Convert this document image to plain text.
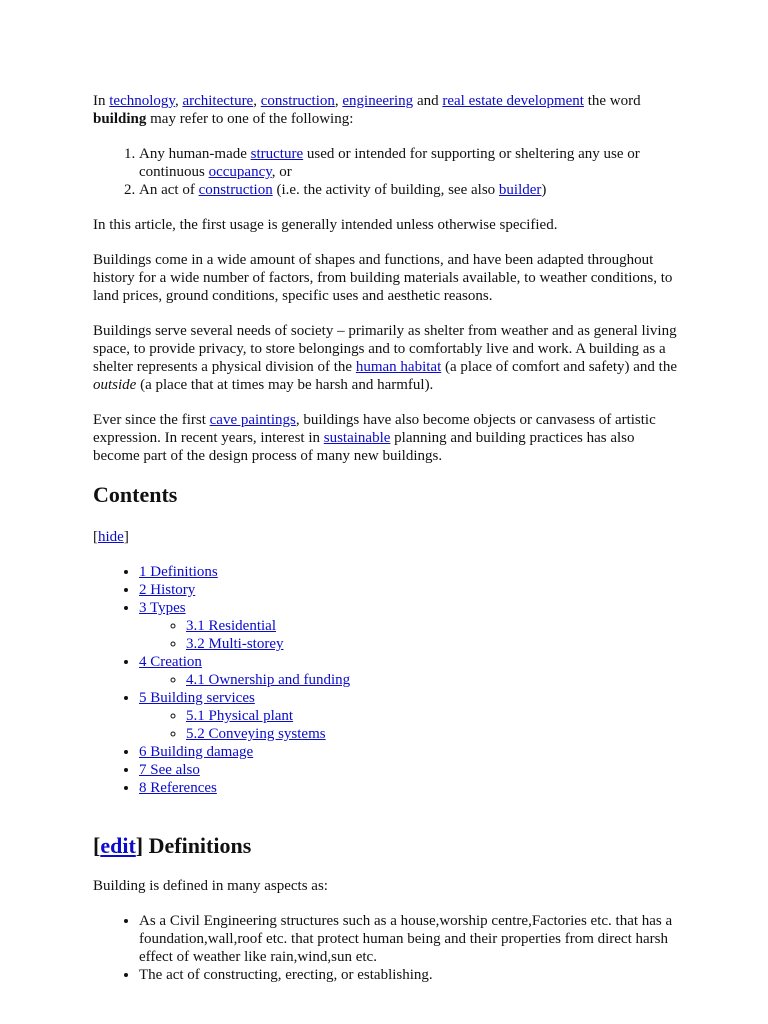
In technology, architecture, construction, engineering and real estate development the word building may refer to one of the following:

1. Any human-made structure used or intended for supporting or sheltering any use or continuous occupancy, or
2. An act of construction (i.e. the activity of building, see also builder)

In this article, the first usage is generally intended unless otherwise specified.

Buildings come in a wide amount of shapes and functions, and have been adapted throughout history for a wide number of factors, from building materials available, to weather conditions, to land prices, ground conditions, specific uses and aesthetic reasons.

Buildings serve several needs of society – primarily as shelter from weather and as general living space, to provide privacy, to store belongings and to comfortably live and work. A building as a shelter represents a physical division of the human habitat (a place of comfort and safety) and the outside (a place that at times may be harsh and harmful).

Ever since the first cave paintings, buildings have also become objects or canvasess of artistic expression. In recent years, interest in sustainable planning and building practices has also become part of the design process of many new buildings.

Contents
[hide]
• 1 Definitions
• 2 History
• 3 Types
◦ 3.1 Residential
◦ 3.2 Multi-storey
• 4 Creation
◦ 4.1 Ownership and funding
• 5 Building services
◦ 5.1 Physical plant
◦ 5.2 Conveying systems
• 6 Building damage
• 7 See also
• 8 References
[edit] Definitions

Building is defined in many aspects as:

• As a Civil Engineering structures such as a house,worship centre,Factories etc. that has a foundation,wall,roof etc. that protect human being and their properties from direct harsh effect of weather like rain,wind,sun etc.
• The act of constructing, erecting, or establishing.
